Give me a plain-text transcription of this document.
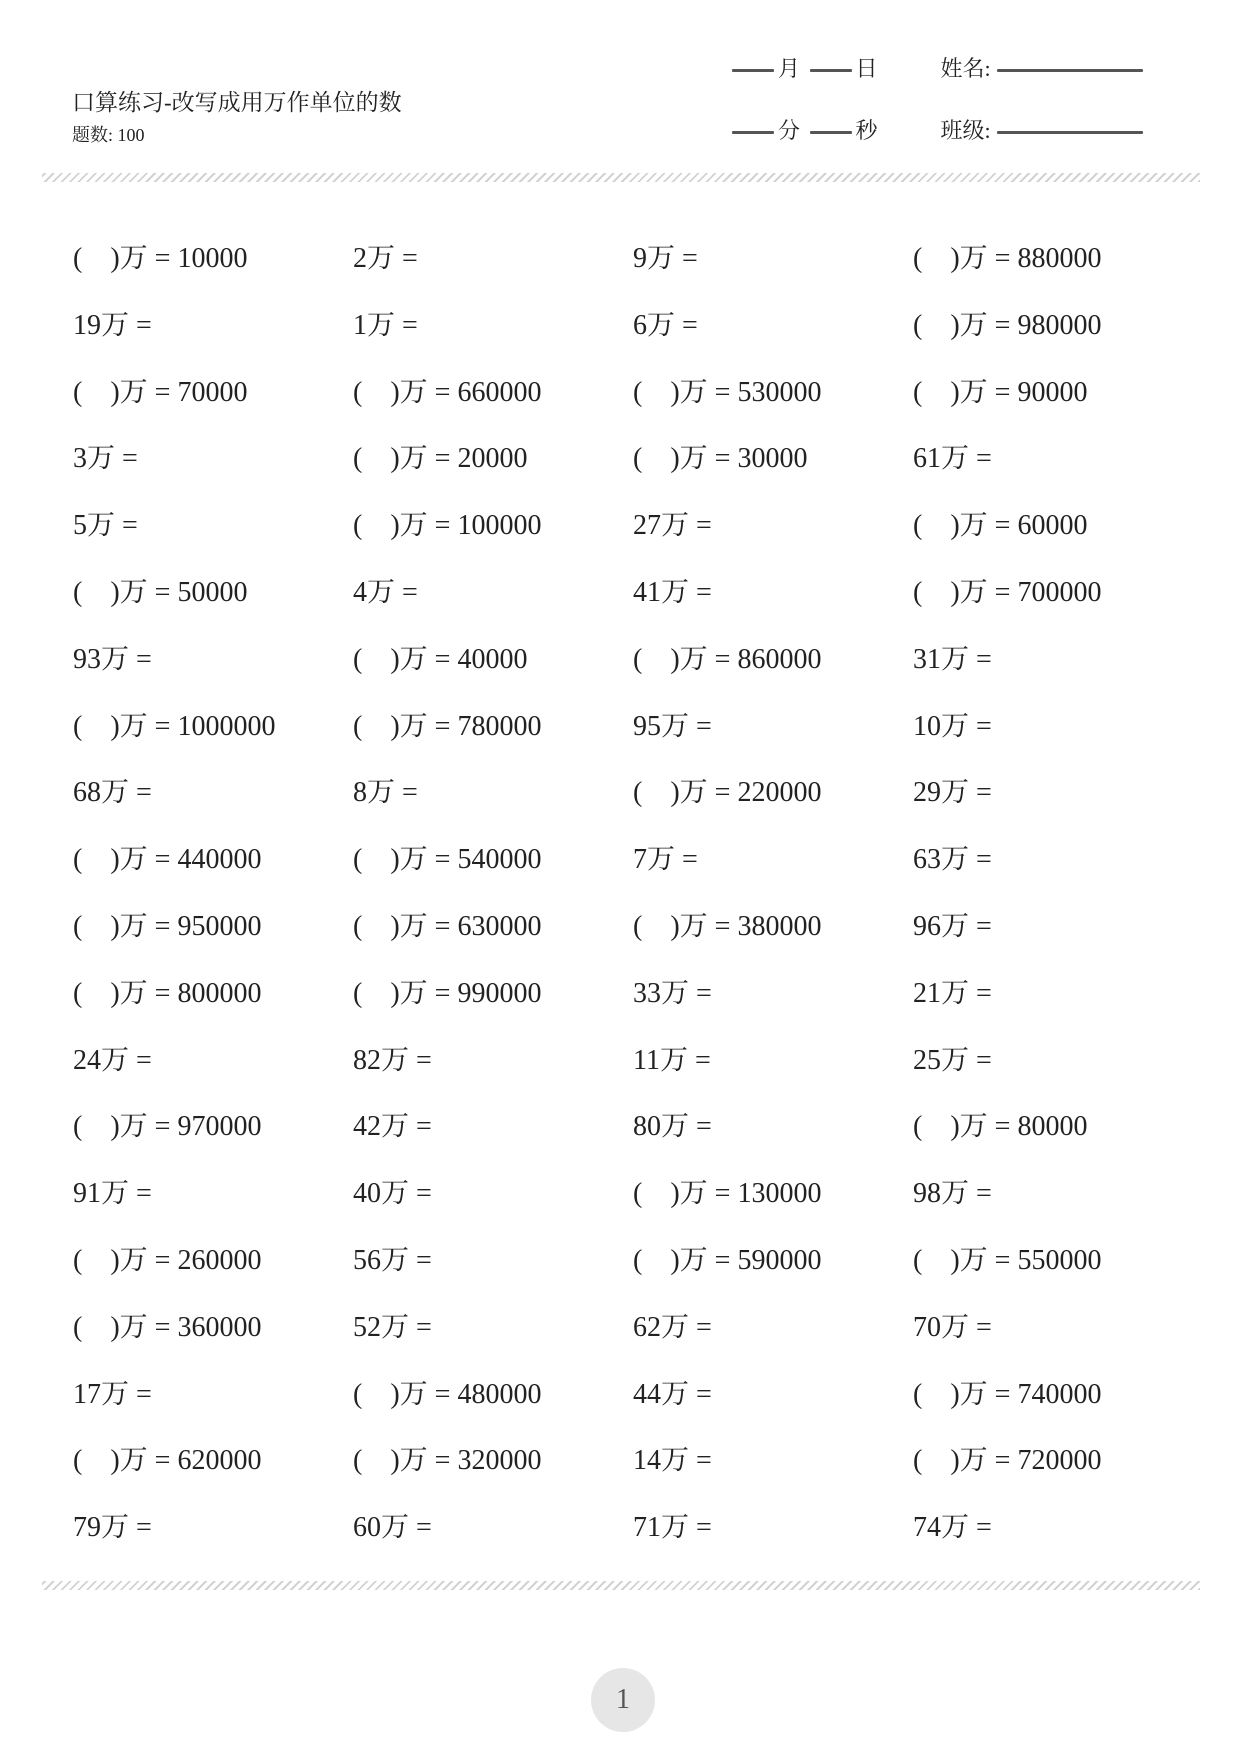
口算练习-改写成用万作单位的数
题数: 100
月	日	姓名:
分	秒	班级:
(    )万 = 10000	2万 =	9万 =	(    )万 = 880000
19万 =	1万 =	6万 =	(    )万 = 980000
(    )万 = 70000	(    )万 = 660000	(    )万 = 530000	(    )万 = 90000
3万 =	(    )万 = 20000	(    )万 = 30000	61万 =
5万 =	(    )万 = 100000	27万 =	(    )万 = 60000
(    )万 = 50000	4万 =	41万 =	(    )万 = 700000
93万 =	(    )万 = 40000	(    )万 = 860000	31万 =
(    )万 = 1000000	(    )万 = 780000	95万 =	10万 =
68万 =	8万 =	(    )万 = 220000	29万 =
(    )万 = 440000	(    )万 = 540000	7万 =	63万 =
(    )万 = 950000	(    )万 = 630000	(    )万 = 380000	96万 =
(    )万 = 800000	(    )万 = 990000	33万 =	21万 =
24万 =	82万 =	11万 =	25万 =
(    )万 = 970000	42万 =	80万 =	(    )万 = 80000
91万 =	40万 =	(    )万 = 130000	98万 =
(    )万 = 260000	56万 =	(    )万 = 590000	(    )万 = 550000
(    )万 = 360000	52万 =	62万 =	70万 =
17万 =	(    )万 = 480000	44万 =	(    )万 = 740000
(    )万 = 620000	(    )万 = 320000	14万 =	(    )万 = 720000
79万 =	60万 =	71万 =	74万 =
1
